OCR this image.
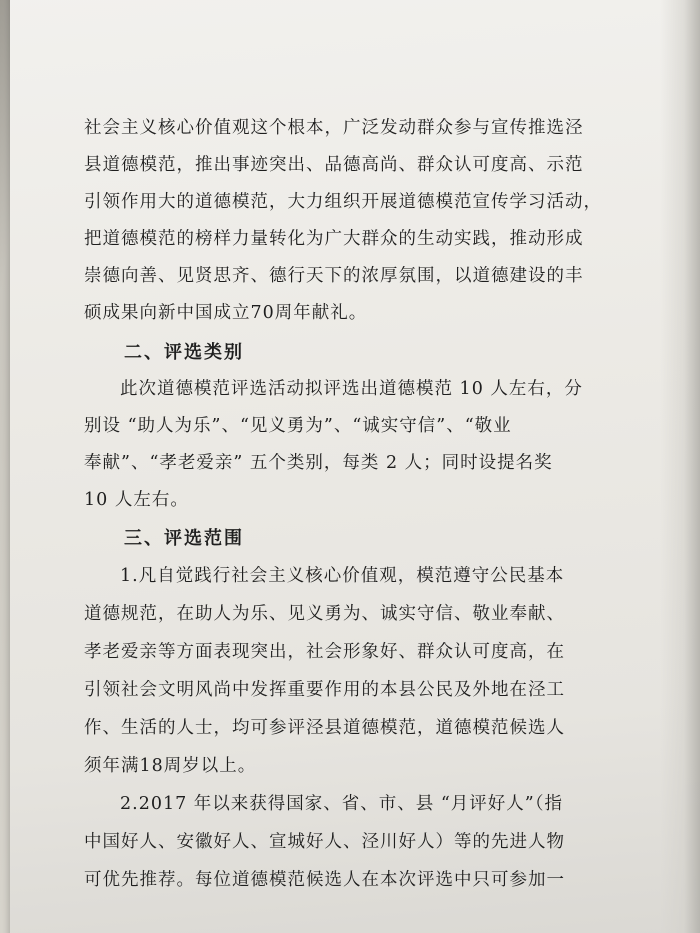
社会主义核心价值观这个根本，广泛发动群众参与宣传推选泾
县道德模范，推出事迹突出、品德高尚、群众认可度高、示范
引领作用大的道德模范，大力组织开展道德模范宣传学习活动，
把道德模范的榜样力量转化为广大群众的生动实践，推动形成
崇德向善、见贤思齐、德行天下的浓厚氛围，以道德建设的丰
硕成果向新中国成立70周年献礼。
二、评选类别
此次道德模范评选活动拟评选出道德模范 10 人左右，分
别设 “助人为乐”、“见义勇为”、“诚实守信”、“敬业
奉献”、“孝老爱亲” 五个类别，每类 2 人；同时设提名奖
10 人左右。
三、评选范围
1.凡自觉践行社会主义核心价值观，模范遵守公民基本
道德规范，在助人为乐、见义勇为、诚实守信、敬业奉献、
孝老爱亲等方面表现突出，社会形象好、群众认可度高，在
引领社会文明风尚中发挥重要作用的本县公民及外地在泾工
作、生活的人士，均可参评泾县道德模范，道德模范候选人
须年满18周岁以上。
2.2017 年以来获得国家、省、市、县 “月评好人”（指
中国好人、安徽好人、宣城好人、泾川好人）等的先进人物
可优先推荐。每位道德模范候选人在本次评选中只可参加一
